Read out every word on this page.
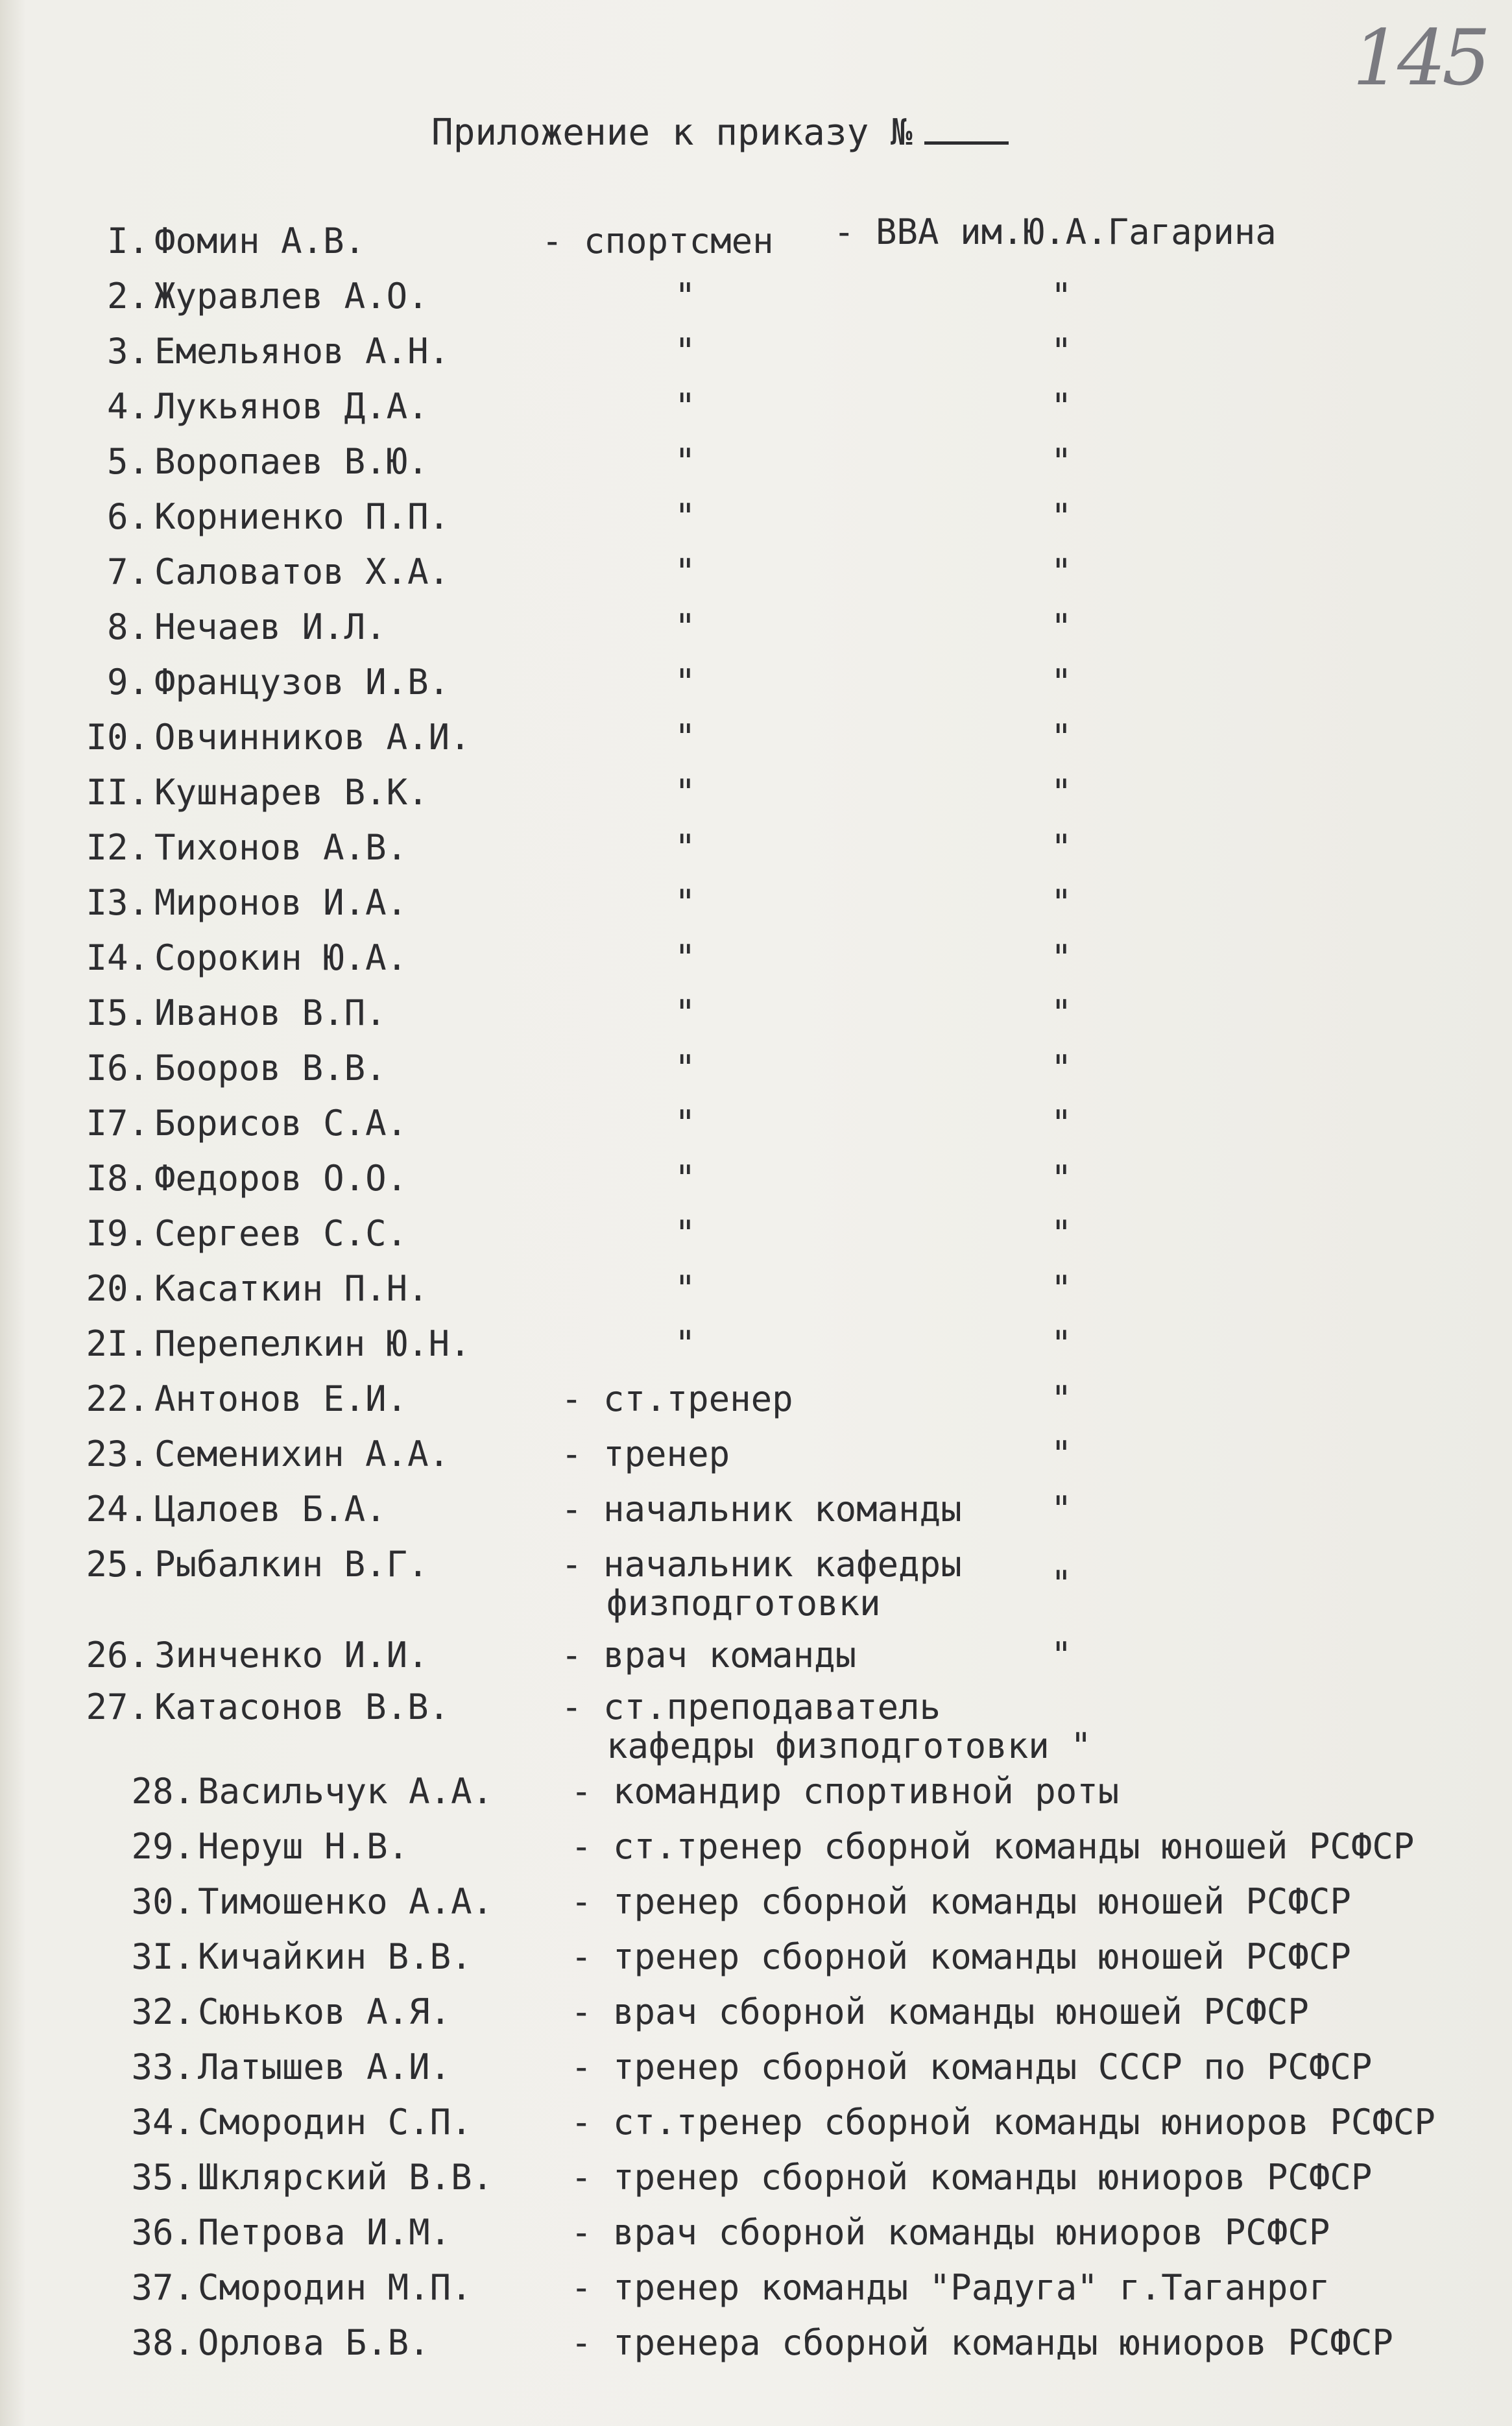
145
Приложение к приказу №
I. Фомин А.В.	- спортсмен - ВВА им.Ю.А.Гагарина
2. Журавлев А.О.	"	"
3. Емельянов А.Н.	"	"
4. Лукьянов Д.А.	"	"
5. Воропаев В.Ю.	"	"
6. Корниенко П.П.	"	"
7. Саловатов Х.А.	"	"
8. Нечаев И.Л.	"	"
9. Французов И.В.	"	"
I0. Овчинников А.И.	"	"
II. Кушнарев В.К.	"	"
I2. Тихонов А.В.	"	"
I3. Миронов И.А.	"	"
I4. Сорокин Ю.А.	"	"
I5. Иванов В.П.	"	"
I6. Бооров В.В.	"	"
I7. Борисов С.А.	"	"
I8. Федоров О.О.	"	"
I9. Сергеев С.С.	"	"
20. Касаткин П.Н.	"	"
2I. Перепелкин Ю.Н.	"	"
22. Антонов Е.И.	- ст.тренер	"
23. Семенихин А.А.	- тренер	"
24. Цалоев Б.А.	- начальник команды	"
25. Рыбалкин В.Г.	- начальник кафедры
физподготовки	"
26. Зинченко И.И.	- врач команды	"
27. Катасонов В.В.	- ст.преподаватель
кафедры физподготовки "
28. Васильчук А.А. - командир спортивной роты
29. Неруш Н.В.	- ст.тренер сборной команды юношей РСФСР
30. Тимошенко А.А. - тренер сборной команды юношей РСФСР
3I. Кичайкин В.В.	- тренер сборной команды юношей РСФСР
32. Сюньков А.Я.	- врач сборной команды юношей РСФСР
33. Латышев А.И.	- тренер сборной команды СССР по РСФСР
34. Смородин С.П.	- ст.тренер сборной команды юниоров РСФСР
35. Шклярский В.В. - тренер сборной команды юниоров РСФСР
36. Петрова И.М.	- врач сборной команды юниоров РСФСР
37. Смородин М.П.	- тренер команды "Радуга" г.Таганрог
38. Орлова Б.В.	- тренера сборной команды юниоров РСФСР
